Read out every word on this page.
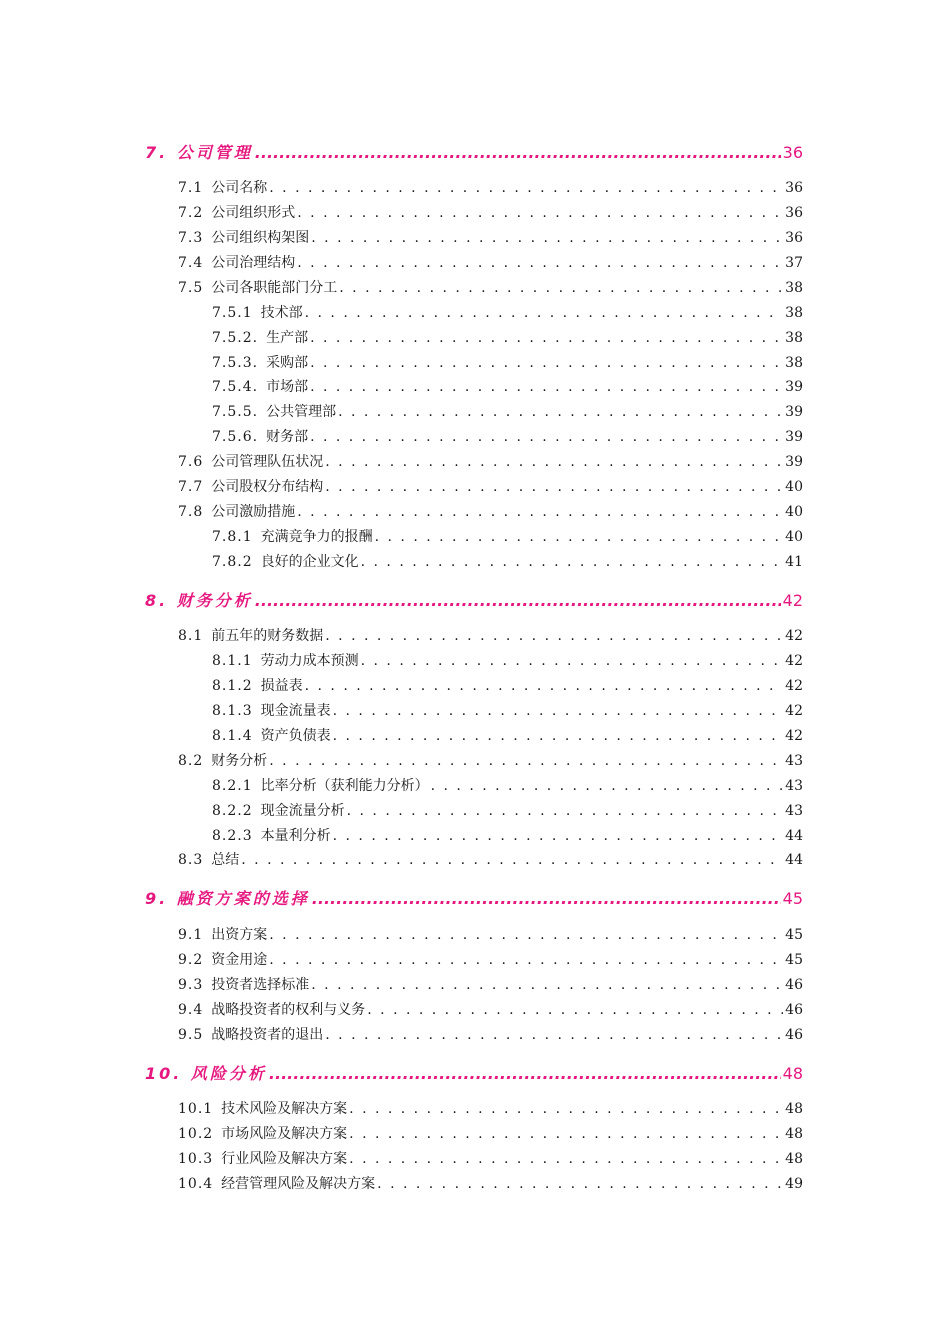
7. 公司管理 .....	36
7.1 公司名称 . . .	36
7.2 公司组织形式 . . .	36
7.3 公司组织构架图 . . .	36
7.4 公司治理结构 . . .	37
7.5 公司各职能部门分工 . . .	38
7.5.1 技术部 . . .	38
7.5.2. 生产部 . . .	38
7.5.3. 采购部 . . .	38
7.5.4. 市场部 . . .	39
7.5.5. 公共管理部 . . .	39
7.5.6. 财务部 . . .	39
7.6 公司管理队伍状况 . . .	39
7.7 公司股权分布结构 . . .	40
7.8 公司激励措施 . . .	40
7.8.1 充满竞争力的报酬 . . .	40
7.8.2 良好的企业文化 . . .	41
8. 财务分析 .....	42
8.1 前五年的财务数据 . . .	42
8.1.1 劳动力成本预测 . . .	42
8.1.2 损益表 . . .	42
8.1.3 现金流量表 . . .	42
8.1.4 资产负债表 . . .	42
8.2 财务分析 . . .	43
8.2.1 比率分析（获利能力分析） . . .	43
8.2.2 现金流量分析 . . .	43
8.2.3 本量利分析 . . .	44
8.3 总结 . . .	44
9. 融资方案的选择 .....	45
9.1 出资方案 . . .	45
9.2 资金用途 . . .	45
9.3 投资者选择标准 . . .	46
9.4 战略投资者的权利与义务 . . .	46
9.5 战略投资者的退出 . . .	46
10. 风险分析 .....	48
10.1 技术风险及解决方案 . . .	48
10.2 市场风险及解决方案 . . .	48
10.3 行业风险及解决方案 . . .	48
10.4 经营管理风险及解决方案 . . .	49
